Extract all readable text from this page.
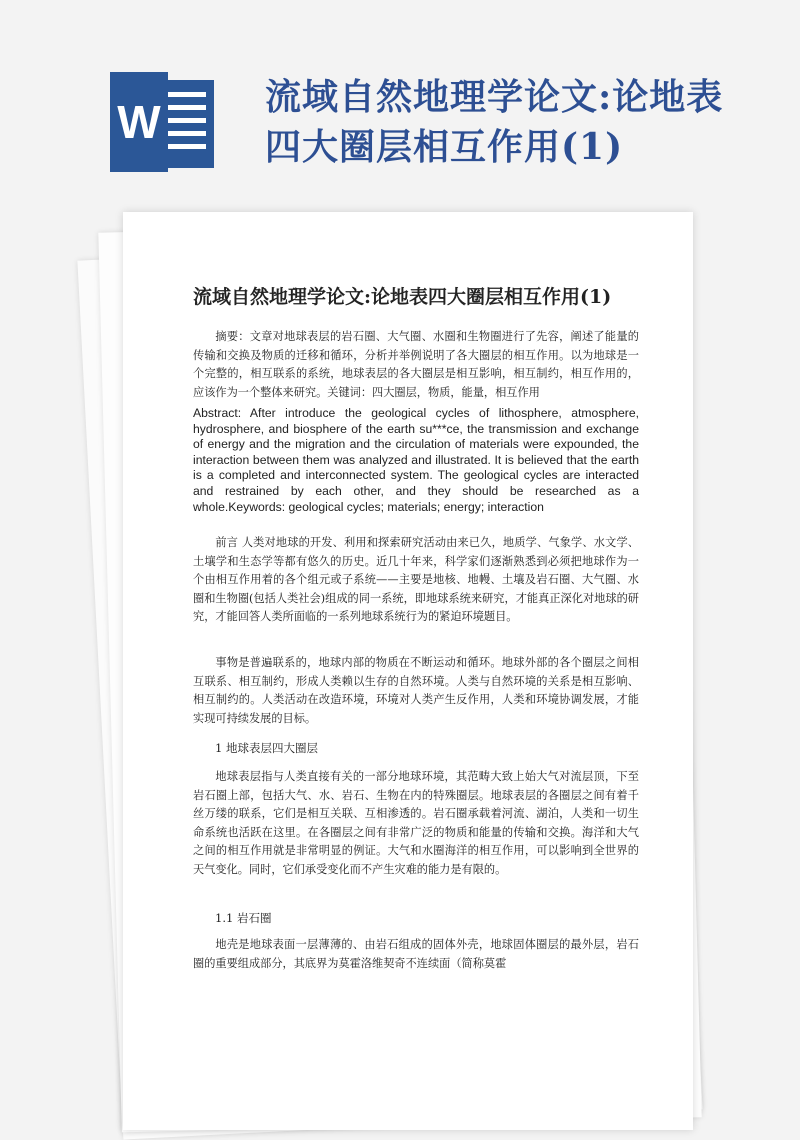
W	流域自然地理学论文:论地表
四大圈层相互作用(1)
流域自然地理学论文:论地表四大圈层相互作用(1)

摘要：文章对地球表层的岩石圈、大气圈、水圈和生物圈进行了先容，阐述了能量的传输和交换及物质的迁移和循环，分析并举例说明了各大圈层的相互作用。以为地球是一个完整的，相互联系的系统，地球表层的各大圈层是相互影响，相互制约，相互作用的，应该作为一个整体来研究。关键词：四大圈层，物质，能量，相互作用

Abstract: After introduce the geological cycles of lithosphere, atmosphere, hydrosphere, and biosphere of the earth su***ce, the transmission and exchange of energy and the migration and the circulation of materials were expounded, the interaction between them was analyzed and illustrated. It is believed that the earth is a completed and interconnected system. The geological cycles are interacted and restrained by each other, and they should be researched as a whole.Keywords: geological cycles; materials; energy; interaction

前言 人类对地球的开发、利用和探索研究活动由来已久，地质学、气象学、水文学、土壤学和生态学等都有悠久的历史。近几十年来，科学家们逐渐熟悉到必须把地球作为一个由相互作用着的各个组元或子系统——主要是地核、地幔、土壤及岩石圈、大气圈、水圈和生物圈(包括人类社会)组成的同一系统，即地球系统来研究，才能真正深化对地球的研究，才能回答人类所面临的一系列地球系统行为的紧迫环境题目。

事物是普遍联系的，地球内部的物质在不断运动和循环。地球外部的各个圈层之间相互联系、相互制约，形成人类赖以生存的自然环境。人类与自然环境的关系是相互影响、相互制约的。人类活动在改造环境，环境对人类产生反作用，人类和环境协调发展，才能实现可持续发展的目标。

1 地球表层四大圈层

地球表层指与人类直接有关的一部分地球环境，其范畴大致上始大气对流层顶，下至岩石圈上部，包括大气、水、岩石、生物在内的特殊圈层。地球表层的各圈层之间有着千丝万缕的联系，它们是相互关联、互相渗透的。岩石圈承载着河流、湖泊，人类和一切生命系统也活跃在这里。在各圈层之间有非常广泛的物质和能量的传输和交换。海洋和大气之间的相互作用就是非常明显的例证。大气和水圈海洋的相互作用，可以影响到全世界的天气变化。同时，它们承受变化而不产生灾难的能力是有限的。

1.1 岩石圈

地壳是地球表面一层薄薄的、由岩石组成的固体外壳，地球固体圈层的最外层，岩石圈的重要组成部分，其底界为莫霍洛维契奇不连续面（简称莫霍
